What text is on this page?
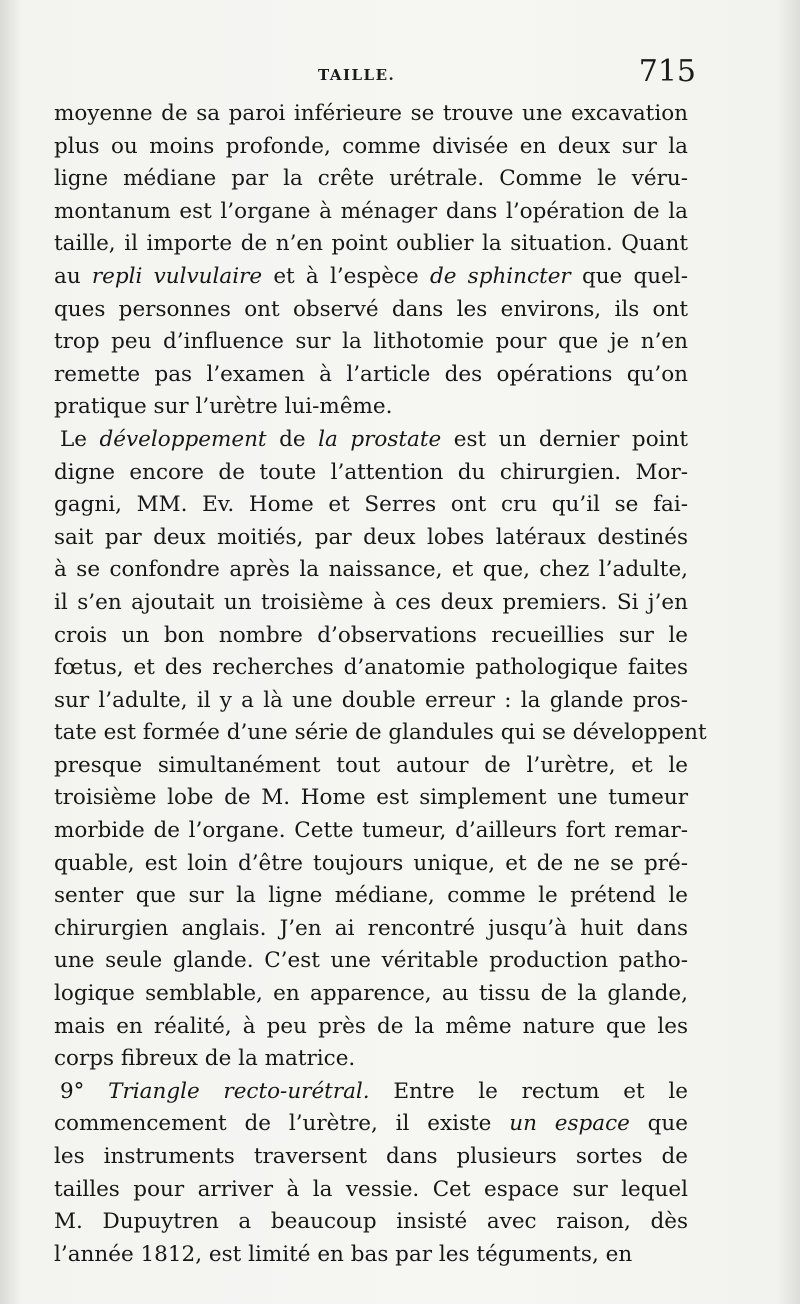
TAILLE.	715
moyenne de sa paroi inférieure se trouve une excavation
plus ou moins profonde, comme divisée en deux sur la
ligne médiane par la crête urétrale. Comme le véru-
montanum est l’organe à ménager dans l’opération de la
taille, il importe de n’en point oublier la situation. Quant
au repli vulvulaire et à l’espèce de sphincter que quel-
ques personnes ont observé dans les environs, ils ont
trop peu d’influence sur la lithotomie pour que je n’en
remette pas l’examen à l’article des opérations qu’on
pratique sur l’urètre lui-même.
Le développement de la prostate est un dernier point
digne encore de toute l’attention du chirurgien. Mor-
gagni, MM. Ev. Home et Serres ont cru qu’il se fai-
sait par deux moitiés, par deux lobes latéraux destinés
à se confondre après la naissance, et que, chez l’adulte,
il s’en ajoutait un troisième à ces deux premiers. Si j’en
crois un bon nombre d’observations recueillies sur le
fœtus, et des recherches d’anatomie pathologique faites
sur l’adulte, il y a là une double erreur : la glande pros-
tate est formée d’une série de glandules qui se développent
presque simultanément tout autour de l’urètre, et le
troisième lobe de M. Home est simplement une tumeur
morbide de l’organe. Cette tumeur, d’ailleurs fort remar-
quable, est loin d’être toujours unique, et de ne se pré-
senter que sur la ligne médiane, comme le prétend le
chirurgien anglais. J’en ai rencontré jusqu’à huit dans
une seule glande. C’est une véritable production patho-
logique semblable, en apparence, au tissu de la glande,
mais en réalité, à peu près de la même nature que les
corps fibreux de la matrice.
9° Triangle recto-urétral. Entre le rectum et le
commencement de l’urètre, il existe un espace que
les instruments traversent dans plusieurs sortes de
tailles pour arriver à la vessie. Cet espace sur lequel
M. Dupuytren a beaucoup insisté avec raison, dès
l’année 1812, est limité en bas par les téguments, en
